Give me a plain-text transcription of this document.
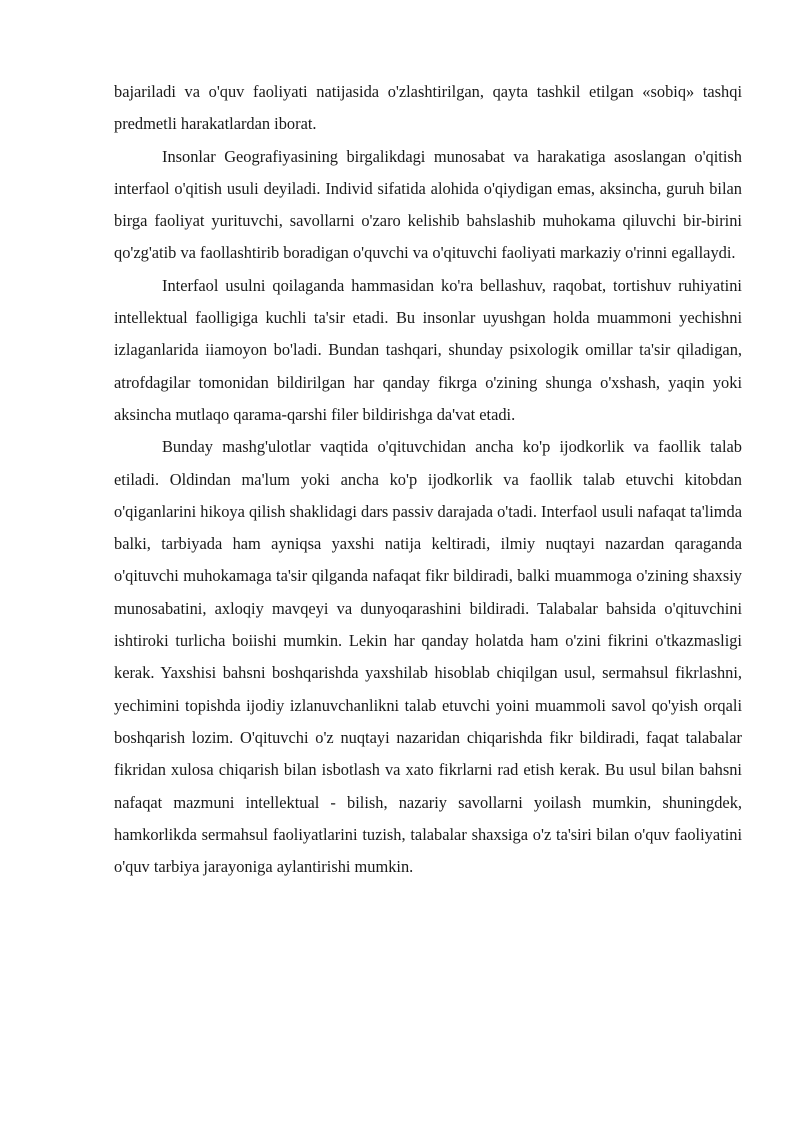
bajariladi va o'quv faoliyati natijasida o'zlashtirilgan, qayta tashkil etilgan «sobiq» tashqi predmetli harakatlardan iborat.

Insonlar Geografiyasining birgalikdagi munosabat va harakatiga asoslangan o'qitish interfaol o'qitish usuli deyiladi. Individ sifatida alohida o'qiydigan emas, aksincha, guruh bilan birga faoliyat yurituvchi, savollarni o'zaro kelishib bahslashib muhokama qiluvchi bir-birini qo'zg'atib va faollashtirib boradigan o'quvchi va o'qituvchi faoliyati markaziy o'rinni egallaydi.

Interfaol usulni qoilaganda hammasidan ko'ra bellashuv, raqobat, tortishuv ruhiyatini intellektual faolligiga kuchli ta'sir etadi. Bu insonlar uyushgan holda muammoni yechishni izlaganlarida iiamoyon bo'ladi. Bundan tashqari, shunday psixologik omillar ta'sir qiladigan, atrofdagilar tomonidan bildirilgan har qanday fikrga o'zining shunga o'xshash, yaqin yoki aksincha mutlaqo qarama-qarshi filer bildirishga da'vat etadi.

Bunday mashg'ulotlar vaqtida o'qituvchidan ancha ko'p ijodkorlik va faollik talab etiladi. Oldindan ma'lum yoki ancha ko'p ijodkorlik va faollik talab etuvchi kitobdan o'qiganlarini hikoya qilish shaklidagi dars passiv darajada o'tadi. Interfaol usuli nafaqat ta'limda balki, tarbiyada ham ayniqsa yaxshi natija keltiradi, ilmiy nuqtayi nazardan qaraganda o'qituvchi muhokamaga ta'sir qilganda nafaqat fikr bildiradi, balki muammoga o'zining shaxsiy munosabatini, axloqiy mavqeyi va dunyoqarashini bildiradi. Talabalar bahsida o'qituvchini ishtiroki turlicha boiishi mumkin. Lekin har qanday holatda ham o'zini fikrini o'tkazmasligi kerak. Yaxshisi bahsni boshqarishda yaxshilab hisoblab chiqilgan usul, sermahsul fikrlashni, yechimini topishda ijodiy izlanuvchanlikni talab etuvchi yoini muammoli savol qo'yish orqali boshqarish lozim. O'qituvchi o'z nuqtayi nazaridan chiqarishda fikr bildiradi, faqat talabalar fikridan xulosa chiqarish bilan isbotlash va xato fikrlarni rad etish kerak. Bu usul bilan bahsni nafaqat mazmuni intellektual - bilish, nazariy savollarni yoilash mumkin, shuningdek, hamkorlikda sermahsul faoliyatlarini tuzish, talabalar shaxsiga o'z ta'siri bilan o'quv faoliyatini o'quv tarbiya jarayoniga aylantirishi mumkin.
